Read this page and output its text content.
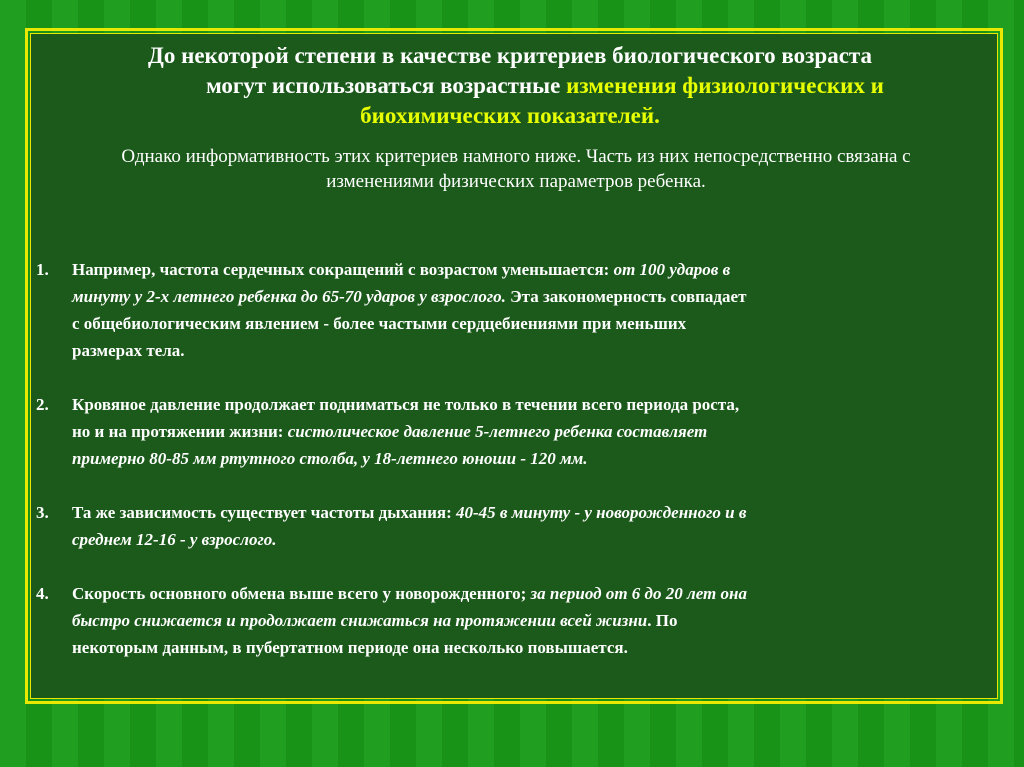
До некоторой степени в качестве критериев биологического возраста
могут использоваться возрастные изменения физиологических и
биохимических показателей.
Однако информативность этих критериев намного ниже. Часть из них непосредственно связана с
изменениями физических параметров ребенка.
1. Например, частота сердечных сокращений с возрастом уменьшается: от 100 ударов в
минуту у 2-х летнего ребенка до 65-70 ударов у взрослого. Эта закономерность совпадает
с общебиологическим явлением - более частыми сердцебиениями при меньших
размерах тела.
2. Кровяное давление продолжает подниматься не только в течении всего периода роста,
но и на протяжении жизни: систолическое давление 5-летнего ребенка составляет
примерно 80-85 мм ртутного столба, у 18-летнего юноши - 120 мм.
3. Та же зависимость существует частоты дыхания: 40-45 в минуту - у новорожденного и в
среднем 12-16 - у взрослого.
4. Скорость основного обмена выше всего у новорожденного; за период от 6 до 20 лет она
быстро снижается и продолжает снижаться на протяжении всей жизни. По
некоторым данным, в пубертатном периоде она несколько повышается.
